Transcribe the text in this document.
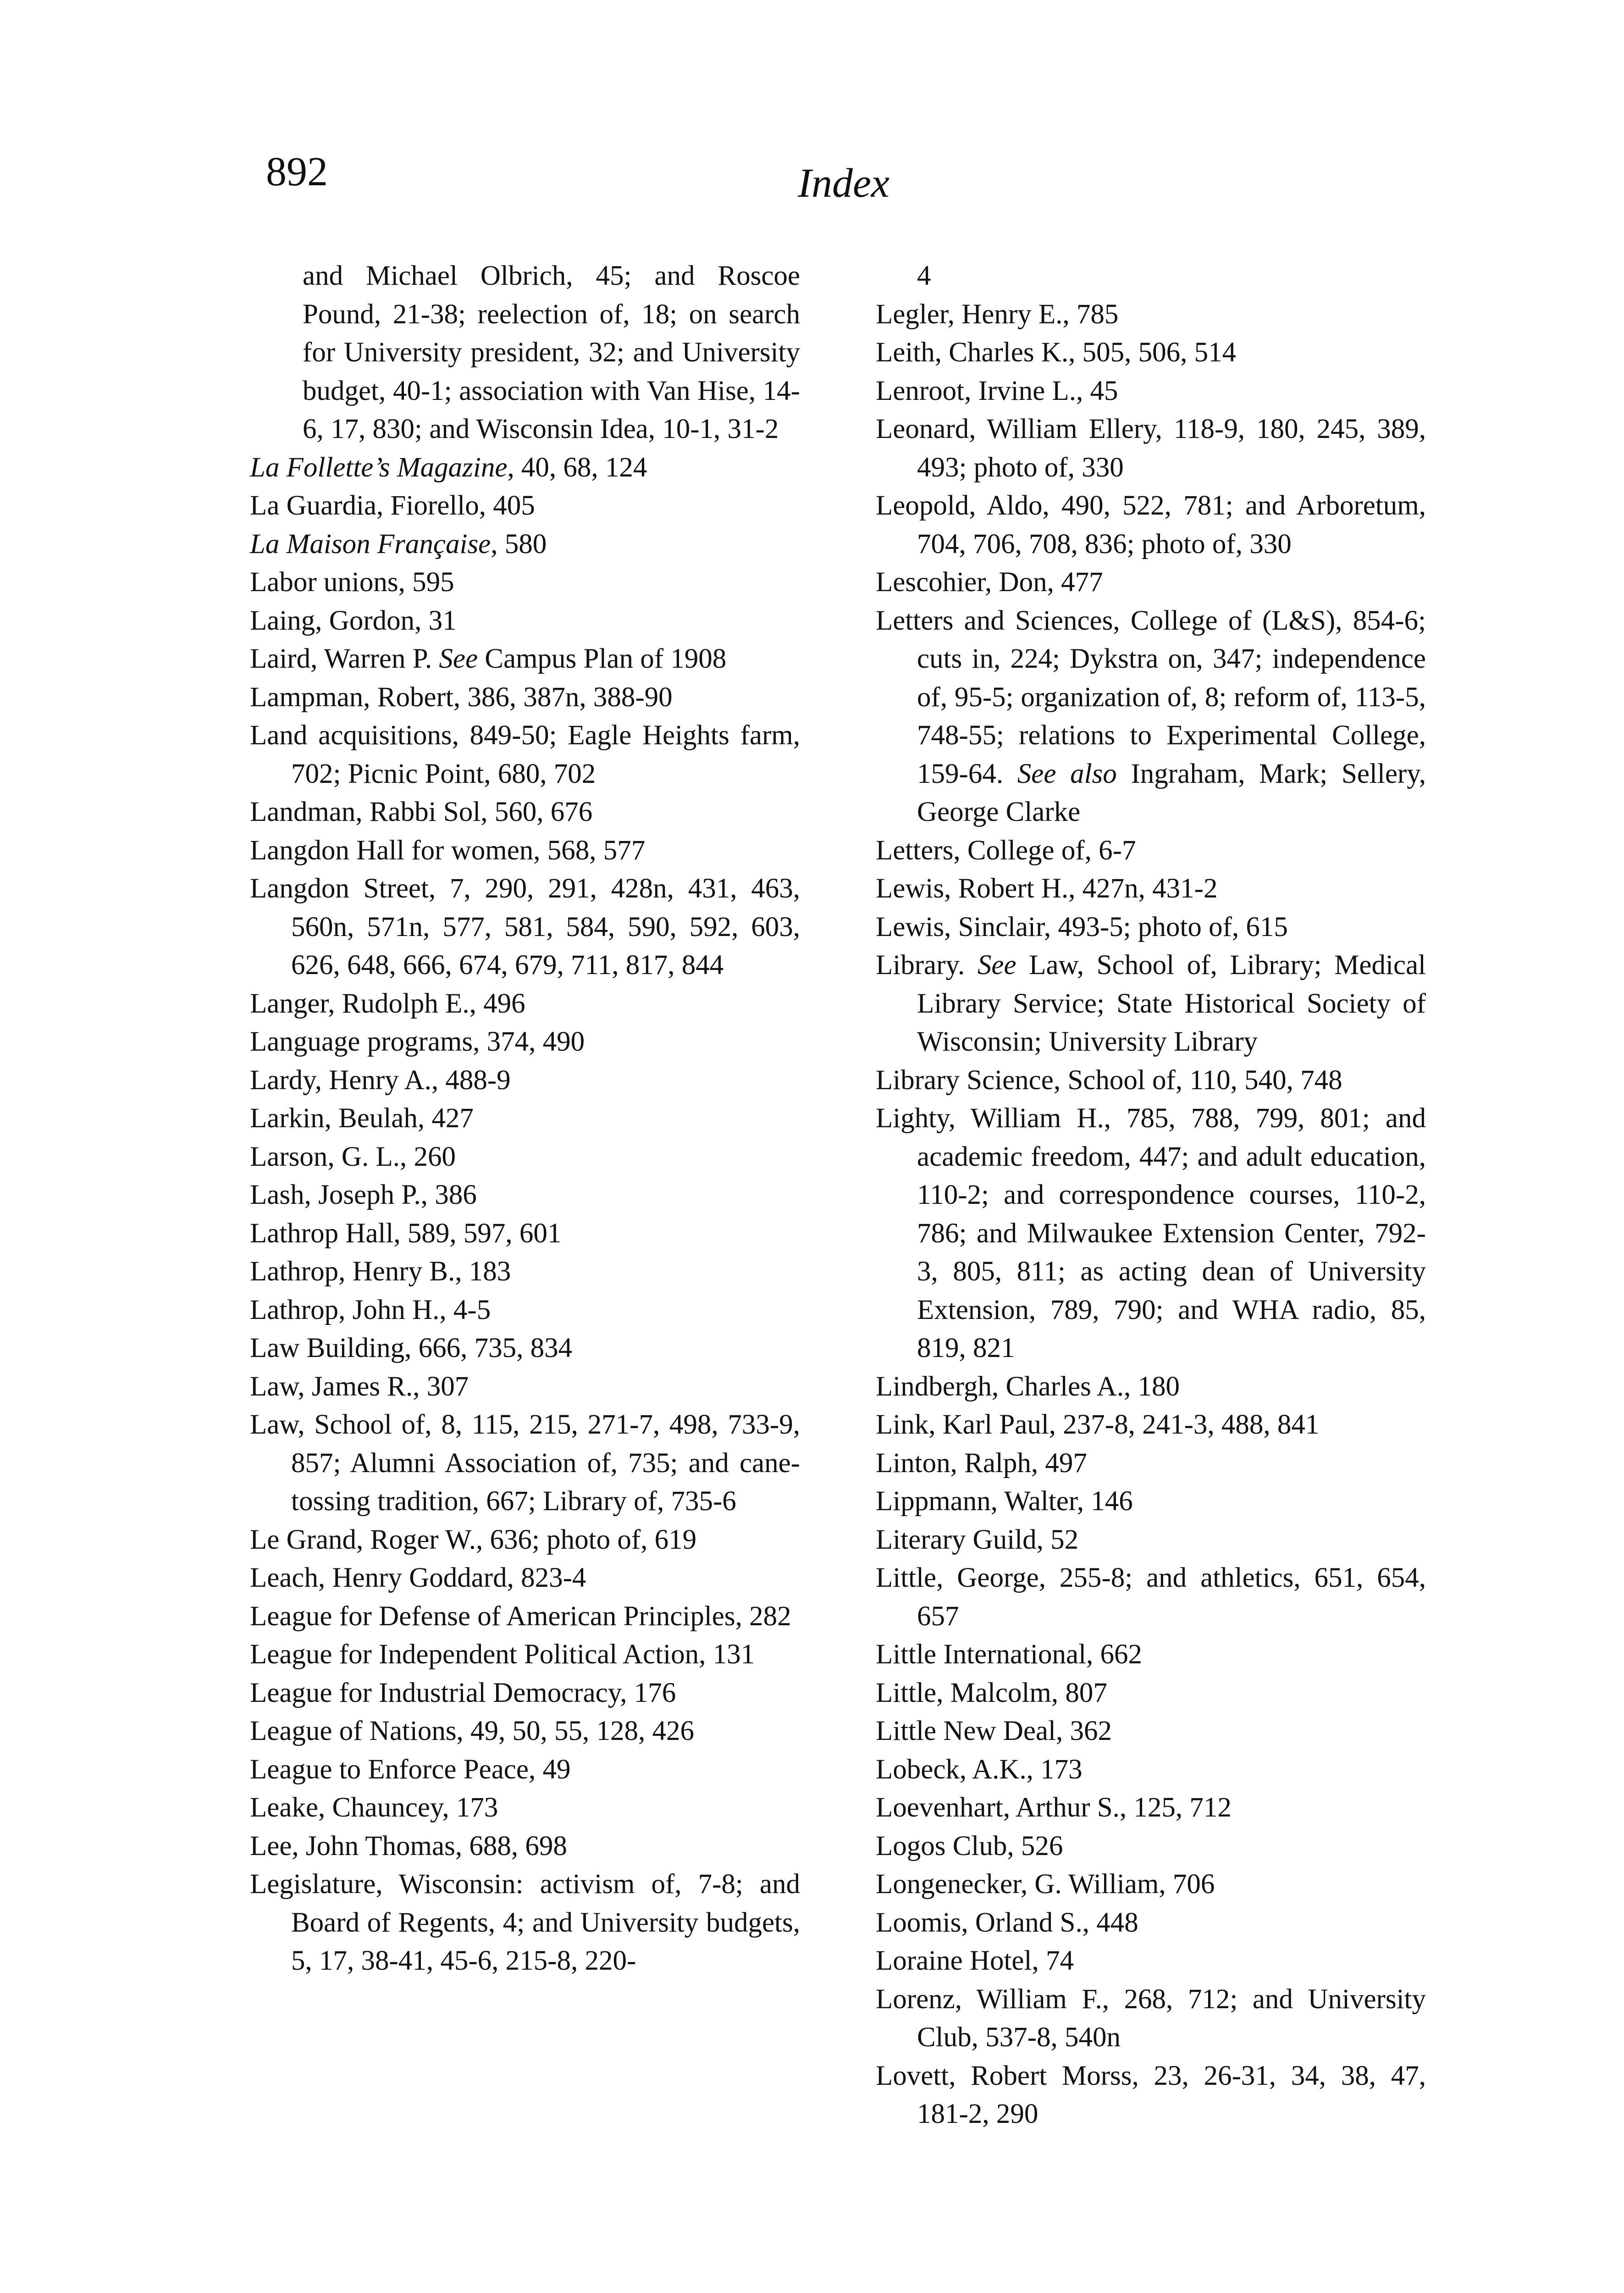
892	Index

and Michael Olbrich, 45; and Roscoe Pound, 21-38; reelection of, 18; on search for University president, 32; and University budget, 40-1; association with Van Hise, 14-6, 17, 830; and Wisconsin Idea, 10-1, 31-2

La Follette’s Magazine, 40, 68, 124

La Guardia, Fiorello, 405

La Maison Française, 580

Labor unions, 595

Laing, Gordon, 31

Laird, Warren P. See Campus Plan of 1908

Lampman, Robert, 386, 387n, 388-90

Land acquisitions, 849-50; Eagle Heights farm, 702; Picnic Point, 680, 702

Landman, Rabbi Sol, 560, 676

Langdon Hall for women, 568, 577

Langdon Street, 7, 290, 291, 428n, 431, 463, 560n, 571n, 577, 581, 584, 590, 592, 603, 626, 648, 666, 674, 679, 711, 817, 844

Langer, Rudolph E., 496

Language programs, 374, 490

Lardy, Henry A., 488-9

Larkin, Beulah, 427

Larson, G. L., 260

Lash, Joseph P., 386

Lathrop Hall, 589, 597, 601

Lathrop, Henry B., 183

Lathrop, John H., 4-5

Law Building, 666, 735, 834

Law, James R., 307

Law, School of, 8, 115, 215, 271-7, 498, 733-9, 857; Alumni Association of, 735; and cane-tossing tradition, 667; Library of, 735-6

Le Grand, Roger W., 636; photo of, 619

Leach, Henry Goddard, 823-4

League for Defense of American Principles, 282

League for Independent Political Action, 131

League for Industrial Democracy, 176

League of Nations, 49, 50, 55, 128, 426

League to Enforce Peace, 49

Leake, Chauncey, 173

Lee, John Thomas, 688, 698

Legislature, Wisconsin: activism of, 7-8; and Board of Regents, 4; and University budgets, 5, 17, 38-41, 45-6, 215-8, 220-

4

Legler, Henry E., 785

Leith, Charles K., 505, 506, 514

Lenroot, Irvine L., 45

Leonard, William Ellery, 118-9, 180, 245, 389, 493; photo of, 330

Leopold, Aldo, 490, 522, 781; and Arboretum, 704, 706, 708, 836; photo of, 330

Lescohier, Don, 477

Letters and Sciences, College of (L&S), 854-6; cuts in, 224; Dykstra on, 347; independence of, 95-5; organization of, 8; reform of, 113-5, 748-55; relations to Experimental College, 159-64. See also Ingraham, Mark; Sellery, George Clarke

Letters, College of, 6-7

Lewis, Robert H., 427n, 431-2

Lewis, Sinclair, 493-5; photo of, 615

Library. See Law, School of, Library; Medical Library Service; State Historical Society of Wisconsin; University Library

Library Science, School of, 110, 540, 748

Lighty, William H., 785, 788, 799, 801; and academic freedom, 447; and adult education, 110-2; and correspondence courses, 110-2, 786; and Milwaukee Extension Center, 792-3, 805, 811; as acting dean of University Extension, 789, 790; and WHA radio, 85, 819, 821

Lindbergh, Charles A., 180

Link, Karl Paul, 237-8, 241-3, 488, 841

Linton, Ralph, 497

Lippmann, Walter, 146

Literary Guild, 52

Little, George, 255-8; and athletics, 651, 654, 657

Little International, 662

Little, Malcolm, 807

Little New Deal, 362

Lobeck, A.K., 173

Loevenhart, Arthur S., 125, 712

Logos Club, 526

Longenecker, G. William, 706

Loomis, Orland S., 448

Loraine Hotel, 74

Lorenz, William F., 268, 712; and University Club, 537-8, 540n

Lovett, Robert Morss, 23, 26-31, 34, 38, 47, 181-2, 290
